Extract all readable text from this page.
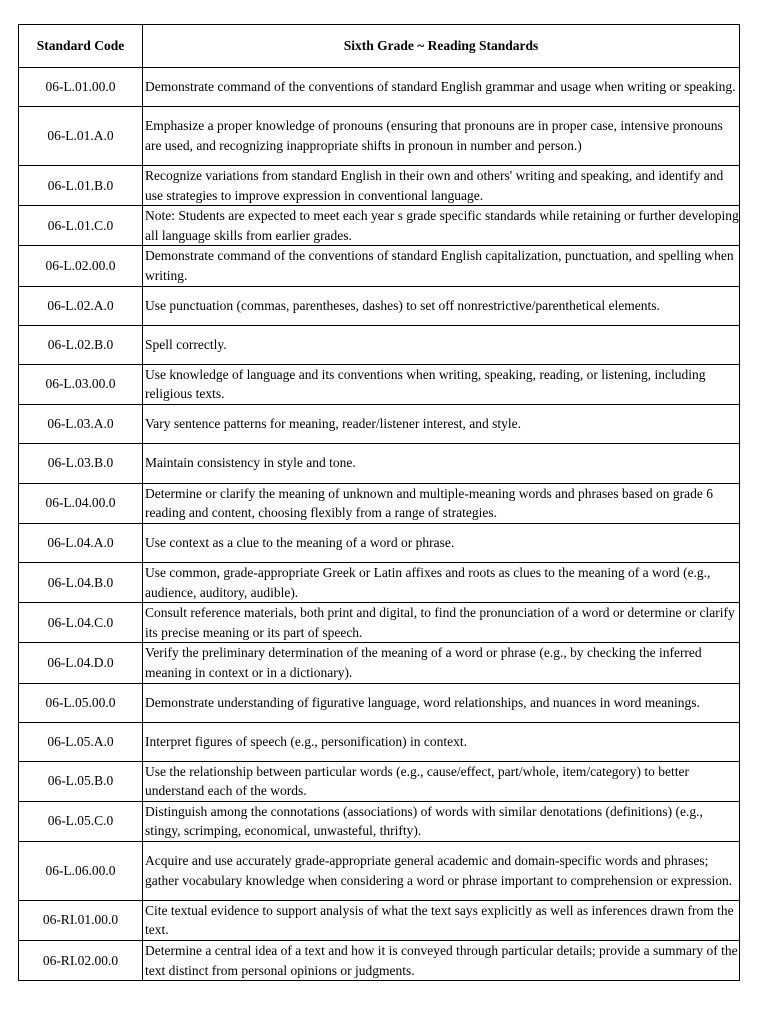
Standard Code	Sixth Grade ~ Reading Standards
06-L.01.00.0	Demonstrate command of the conventions of standard English grammar and usage when writing or speaking.
06-L.01.A.0	Emphasize a proper knowledge of pronouns (ensuring that pronouns are in proper case, intensive pronouns are used, and recognizing inappropriate shifts in pronoun in number and person.)
06-L.01.B.0	Recognize variations from standard English in their own and others' writing and speaking, and identify and use strategies to improve expression in conventional language.
06-L.01.C.0	Note: Students are expected to meet each year s grade specific standards while retaining or further developing all language skills from earlier grades.
06-L.02.00.0	Demonstrate command of the conventions of standard English capitalization, punctuation, and spelling when writing.
06-L.02.A.0	Use punctuation (commas, parentheses, dashes) to set off nonrestrictive/parenthetical elements.
06-L.02.B.0	Spell correctly.
06-L.03.00.0	Use knowledge of language and its conventions when writing, speaking, reading, or listening, including religious texts.
06-L.03.A.0	Vary sentence patterns for meaning, reader/listener interest, and style.
06-L.03.B.0	Maintain consistency in style and tone.
06-L.04.00.0	Determine or clarify the meaning of unknown and multiple-meaning words and phrases based on grade 6 reading and content, choosing flexibly from a range of strategies.
06-L.04.A.0	Use context as a clue to the meaning of a word or phrase.
06-L.04.B.0	Use common, grade-appropriate Greek or Latin affixes and roots as clues to the meaning of a word (e.g., audience, auditory, audible).
06-L.04.C.0	Consult reference materials, both print and digital, to find the pronunciation of a word or determine or clarify its precise meaning or its part of speech.
06-L.04.D.0	Verify the preliminary determination of the meaning of a word or phrase (e.g., by checking the inferred meaning in context or in a dictionary).
06-L.05.00.0	Demonstrate understanding of figurative language, word relationships, and nuances in word meanings.
06-L.05.A.0	Interpret figures of speech (e.g., personification) in context.
06-L.05.B.0	Use the relationship between particular words (e.g., cause/effect, part/whole, item/category) to better understand each of the words.
06-L.05.C.0	Distinguish among the connotations (associations) of words with similar denotations (definitions) (e.g., stingy, scrimping, economical, unwasteful, thrifty).
06-L.06.00.0	Acquire and use accurately grade-appropriate general academic and domain-specific words and phrases; gather vocabulary knowledge when considering a word or phrase important to comprehension or expression.
06-RI.01.00.0	Cite textual evidence to support analysis of what the text says explicitly as well as inferences drawn from the text.
06-RI.02.00.0	Determine a central idea of a text and how it is conveyed through particular details; provide a summary of the text distinct from personal opinions or judgments.
